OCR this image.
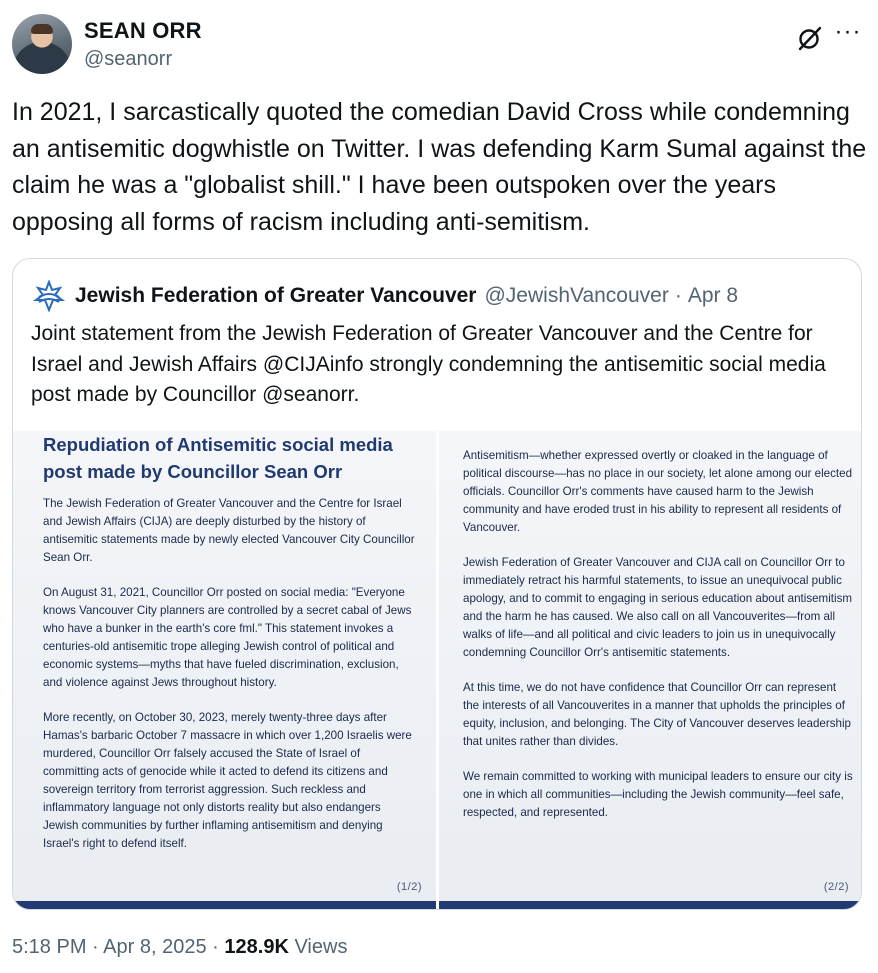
SEAN ORR
@seanorr
···
In 2021, I sarcastically quoted the comedian David Cross while condemning an antisemitic dogwhistle on Twitter. I was defending Karm Sumal against the claim he was a "globalist shill." I have been outspoken over the years opposing all forms of racism including anti-semitism.
Jewish Federation of Greater Vancouver @JewishVancouver · Apr 8
Joint statement from the Jewish Federation of Greater Vancouver and the Centre for Israel and Jewish Affairs @CIJAinfo strongly condemning the antisemitic social media post made by Councillor @seanorr.
Repudiation of Antisemitic social media post made by Councillor Sean Orr

The Jewish Federation of Greater Vancouver and the Centre for Israel and Jewish Affairs (CIJA) are deeply disturbed by the history of antisemitic statements made by newly elected Vancouver City Councillor Sean Orr.

On August 31, 2021, Councillor Orr posted on social media: "Everyone knows Vancouver City planners are controlled by a secret cabal of Jews who have a bunker in the earth's core fml." This statement invokes a centuries-old antisemitic trope alleging Jewish control of political and economic systems—myths that have fueled discrimination, exclusion, and violence against Jews throughout history.

More recently, on October 30, 2023, merely twenty-three days after Hamas's barbaric October 7 massacre in which over 1,200 Israelis were murdered, Councillor Orr falsely accused the State of Israel of committing acts of genocide while it acted to defend its citizens and sovereign territory from terrorist aggression. Such reckless and inflammatory language not only distorts reality but also endangers Jewish communities by further inflaming antisemitism and denying Israel's right to defend itself.

(1/2)

Antisemitism—whether expressed overtly or cloaked in the language of political discourse—has no place in our society, let alone among our elected officials. Councillor Orr's comments have caused harm to the Jewish community and have eroded trust in his ability to represent all residents of Vancouver.

Jewish Federation of Greater Vancouver and CIJA call on Councillor Orr to immediately retract his harmful statements, to issue an unequivocal public apology, and to commit to engaging in serious education about antisemitism and the harm he has caused. We also call on all Vancouverites—from all walks of life—and all political and civic leaders to join us in unequivocally condemning Councillor Orr's antisemitic statements.

At this time, we do not have confidence that Councillor Orr can represent the interests of all Vancouverites in a manner that upholds the principles of equity, inclusion, and belonging. The City of Vancouver deserves leadership that unites rather than divides.

We remain committed to working with municipal leaders to ensure our city is one in which all communities—including the Jewish community—feel safe, respected, and represented.

(2/2)
5:18 PM · Apr 8, 2025 · 128.9K Views
